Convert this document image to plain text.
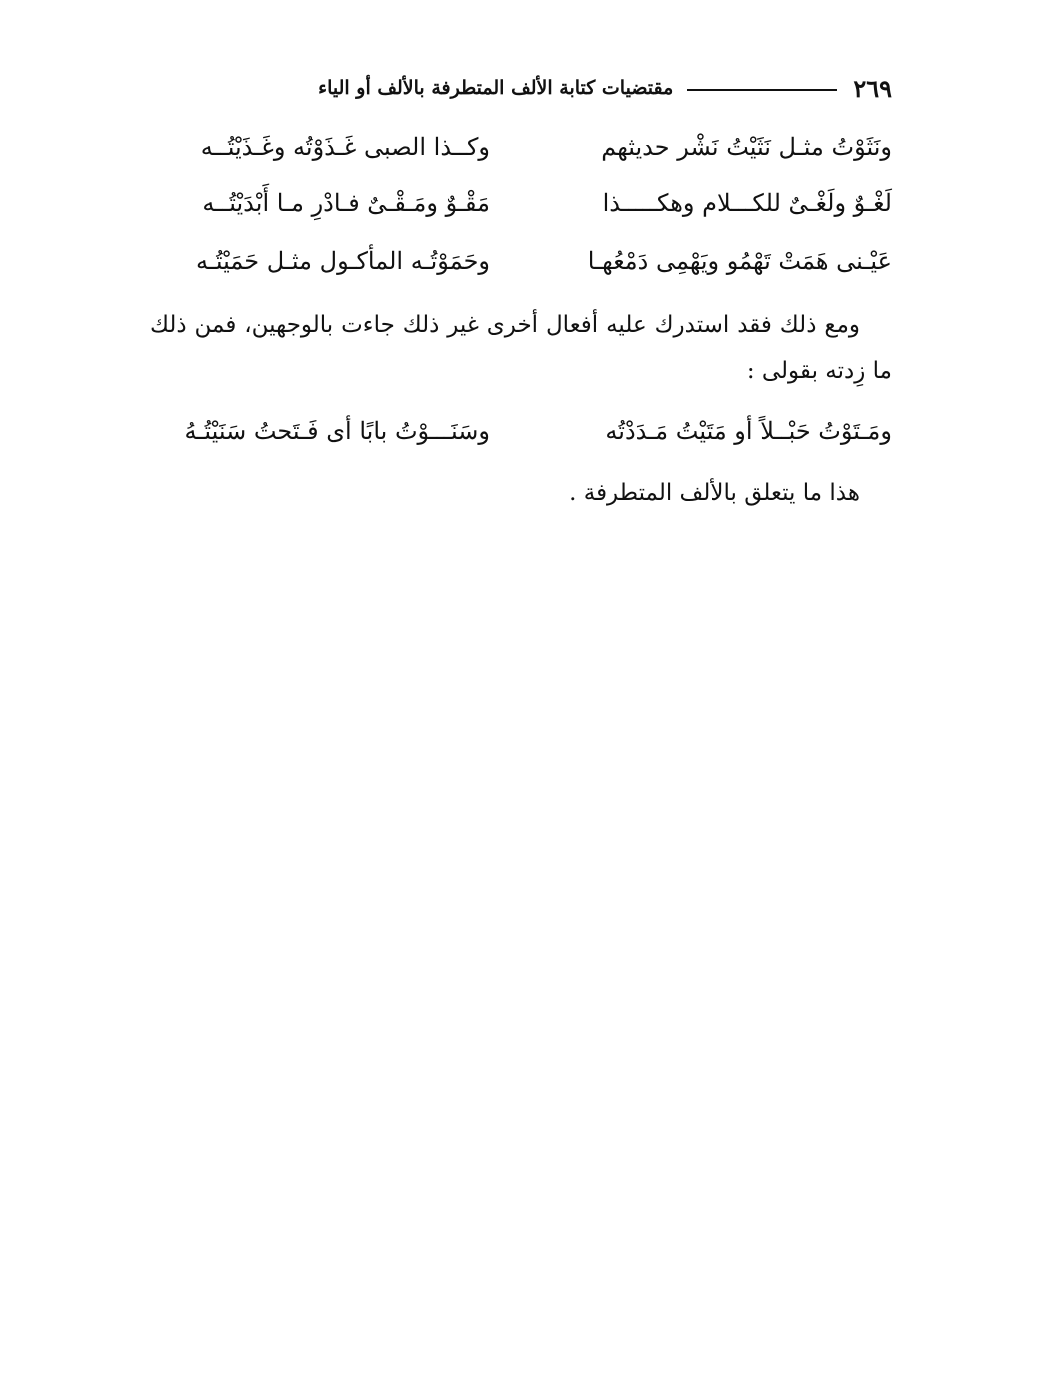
٢٦٩
مقتضيات كتابة الألف المتطرفة بالألف أو الياء
ونَثَوْتُ مثـل نَثَيْتُ نَشْر حديثهم
وكــذا الصبى غَـذَوْتُه وغَـذَيْتُــه
لَغْـوٌ ولَغْـىٌ للكـــلام وهكـــــذا
مَقْـوٌ ومَـقْـىٌ فـادْرِ مـا أَبْدَيْتُــه
عَيْـنى هَمَتْ تَهْمُو ويَهْمِى دَمْعُهـا
وحَمَوْتُـه المأكـول مثـل حَمَيْتُـه
ومع ذلك فقد استدرك عليه أفعال أخرى غير ذلك جاءت بالوجهين، فمن ذلك ما زِدته بقولى :
ومَـتَوْتُ حَبْــلاً أو مَتَيْتُ مَـدَدْتُه
وسَنَـــوْتُ بابًا أى فَـتَحتُ سَنَيْتُـهُ
هذا ما يتعلق بالألف المتطرفة .
